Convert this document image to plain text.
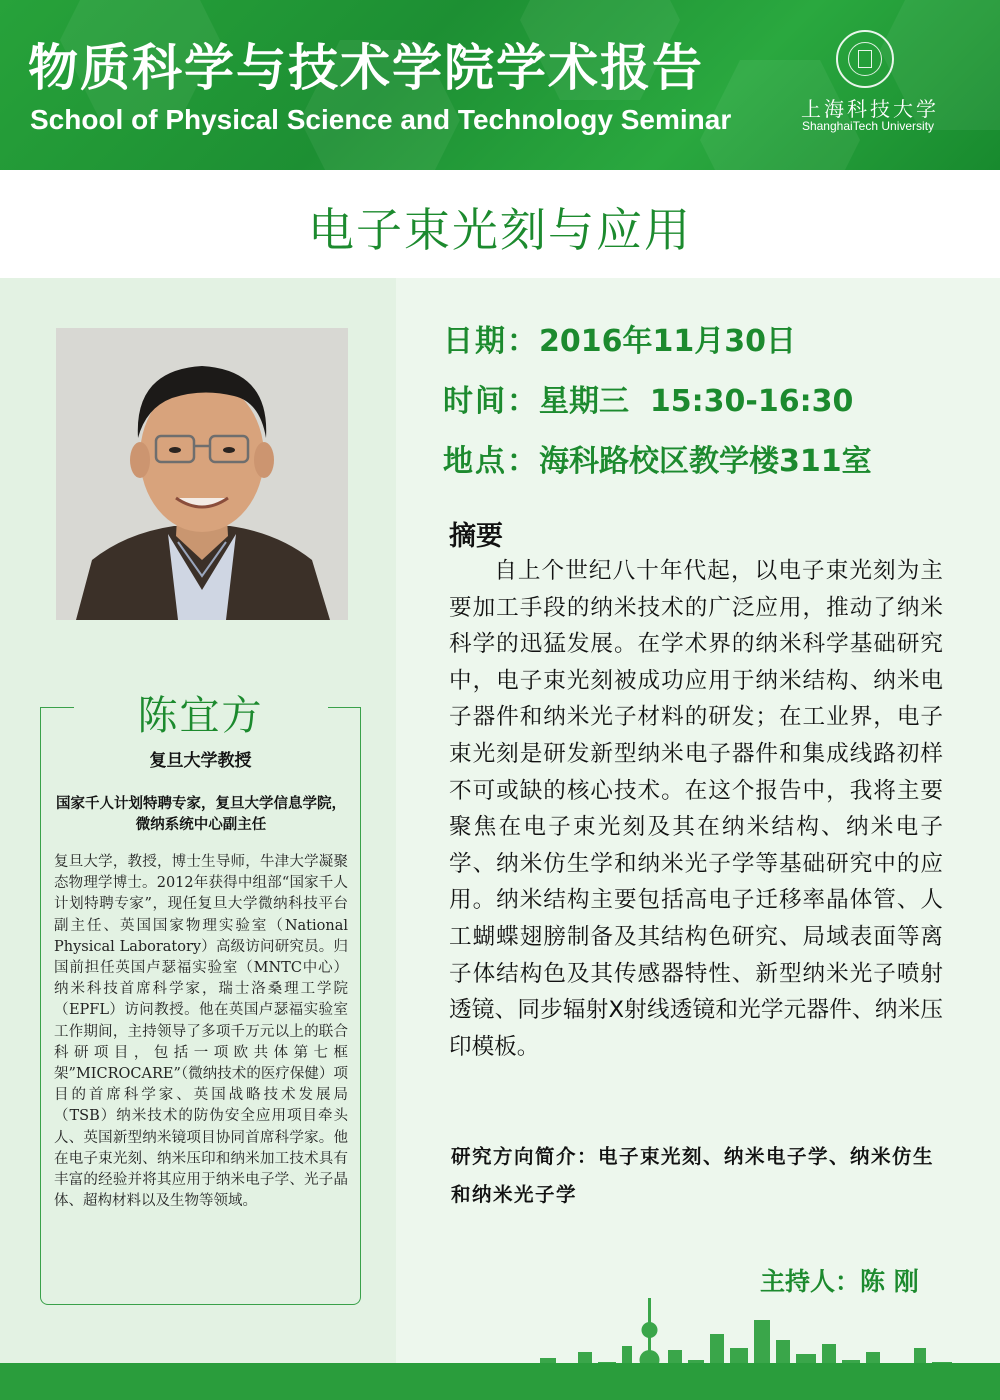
物质科学与技术学院学术报告
School of Physical Science and Technology Seminar	上海科技大学
ShanghaiTech University
电子束光刻与应用
陈宜方
复旦大学教授
国家千人计划特聘专家，复旦大学信息学院，微纳系统中心副主任
复旦大学，教授，博士生导师，牛津大学凝聚态物理学博士。2012年获得中组部“国家千人计划特聘专家”，现任复旦大学微纳科技平台副主任、英国国家物理实验室（National Physical Laboratory）高级访问研究员。归国前担任英国卢瑟福实验室（MNTC中心）纳米科技首席科学家，瑞士洛桑理工学院（EPFL）访问教授。他在英国卢瑟福实验室工作期间，主持领导了多项千万元以上的联合科研项目，包括一项欧共体第七框架”MICROCARE”（微纳技术的医疗保健）项目的首席科学家、英国战略技术发展局（TSB）纳米技术的防伪安全应用项目牵头人、英国新型纳米镜项目协同首席科学家。他在电子束光刻、纳米压印和纳米加工技术具有丰富的经验并将其应用于纳米电子学、光子晶体、超构材料以及生物等领域。
日期：2016年11月30日
时间：星期三  15:30-16:30
地点：海科路校区教学楼311室
摘要
自上个世纪八十年代起，以电子束光刻为主要加工手段的纳米技术的广泛应用，推动了纳米科学的迅猛发展。在学术界的纳米科学基础研究中，电子束光刻被成功应用于纳米结构、纳米电子器件和纳米光子材料的研发；在工业界，电子束光刻是研发新型纳米电子器件和集成线路初样不可或缺的核心技术。在这个报告中，我将主要聚焦在电子束光刻及其在纳米结构、纳米电子学、纳米仿生学和纳米光子学等基础研究中的应用。纳米结构主要包括高电子迁移率晶体管、人工蝴蝶翅膀制备及其结构色研究、局域表面等离子体结构色及其传感器特性、新型纳米光子喷射透镜、同步辐射X射线透镜和光学元器件、纳米压印模板。
研究方向简介：电子束光刻、纳米电子学、纳米仿生和纳米光子学
主持人：陈 刚
